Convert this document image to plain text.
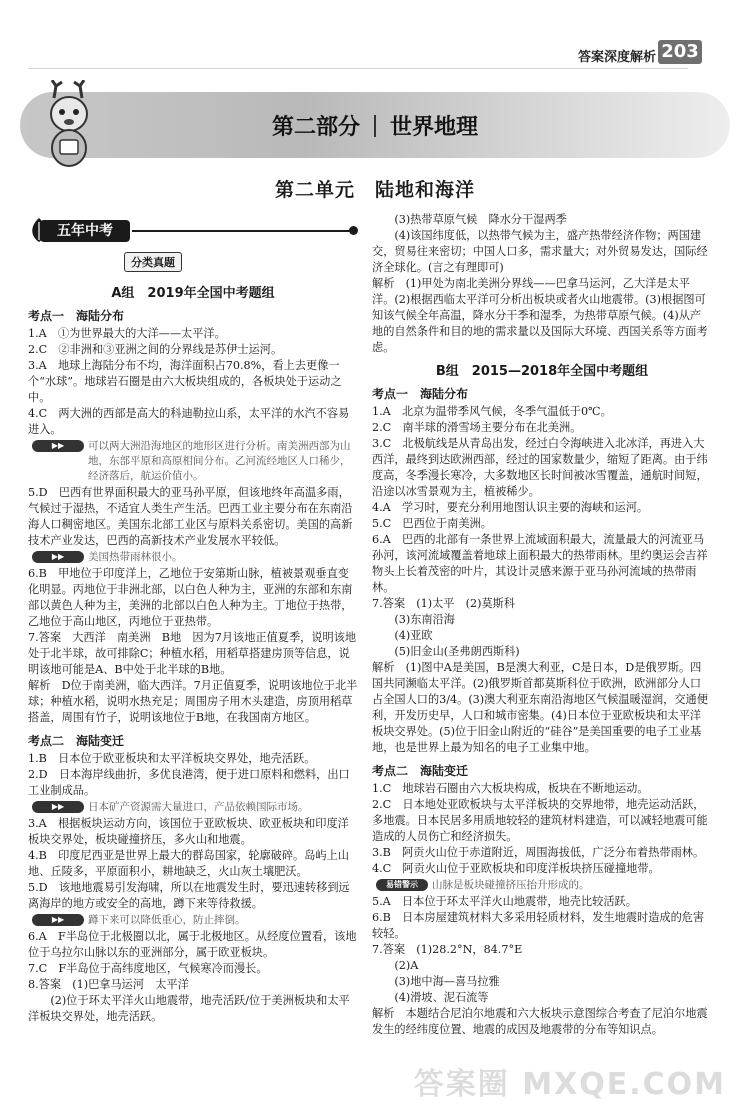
答案深度解析 203
第二部分 世界地理
第二单元　陆地和海洋
五年中考
分类真题
A组　2019年全国中考题组
考点一　海陆分布

1.A　①为世界最大的大洋——太平洋。

2.C　②非洲和③亚洲之间的分界线是苏伊士运河。

3.A　地球上海陆分布不均，海洋面积占70.8%，看上去更像一个“水球”。地球岩石圈是由六大板块组成的，各板块处于运动之中。

4.C　两大洲的西部是高大的科迪勒拉山系，太平洋的水汽不容易进入。

▶▶	可以两大洲沿海地区的地形区进行分析。南美洲西部为山地，东部平原和高原相间分布。乙河流经地区人口稀少，经济落后，航运价值小。

5.D　巴西有世界面积最大的亚马孙平原，但该地终年高温多雨，气候过于湿热，不适宜人类生产生活。巴西工业主要分布在东南沿海人口稠密地区。美国东北部工业区与原料关系密切。美国的高新技术产业发达，巴西的高新技术产业发展水平较低。

▶▶	美国热带雨林很小。

6.B　甲地位于印度洋上，乙地位于安第斯山脉，植被景观垂直变化明显。丙地位于非洲北部，以白色人种为主，亚洲的东部和东南部以黄色人种为主，美洲的北部以白色人种为主。丁地位于热带，乙地位于高山地区，丙地位于亚热带。

7.答案　大西洋　南美洲　B地　因为7月该地正值夏季，说明该地处于北半球，故可排除C；种植水稻，用稻草搭建房顶等信息，说明该地可能是A、B中处于北半球的B地。

解析　D位于南美洲，临大西洋。7月正值夏季，说明该地位于北半球；种植水稻，说明水热充足；周围房子用木头建造，房顶用稻草搭盖，周围有竹子，说明该地位于B地，在我国南方地区。

考点二　海陆变迁

1.B　日本位于欧亚板块和太平洋板块交界处，地壳活跃。

2.D　日本海岸线曲折，多优良港湾，便于进口原料和燃料，出口工业制成品。

▶▶	日本矿产资源需大量进口，产品依赖国际市场。

3.A　根据板块运动方向，该国位于亚欧板块、欧亚板块和印度洋板块交界处，板块碰撞挤压，多火山和地震。

4.B　印度尼西亚是世界上最大的群岛国家，轮廓破碎。岛屿上山地、丘陵多，平原面积小，耕地缺乏，火山灰土壤肥沃。

5.D　该地地震易引发海啸，所以在地震发生时，要迅速转移到远离海岸的地方或安全的高地，蹲下来等待救援。

▶▶	蹲下来可以降低重心，防止摔倒。

6.A　F半岛位于北极圈以北，属于北极地区。从经度位置看，该地位于乌拉尔山脉以东的亚洲部分，属于欧亚板块。

7.C　F半岛位于高纬度地区，气候寒冷而漫长。

8.答案　(1)巴拿马运河　太平洋

(2)位于环太平洋火山地震带，地壳活跃/位于美洲板块和太平洋板块交界处，地壳活跃。

(3)热带草原气候　降水分干湿两季

(4)该国纬度低，以热带气候为主，盛产热带经济作物；两国建交，贸易往来密切；中国人口多，需求量大；对外贸易发达，国际经济全球化。(言之有理即可)

解析　(1)甲处为南北美洲分界线——巴拿马运河，乙大洋是太平洋。(2)根据西临太平洋可分析出板块或者火山地震带。(3)根据图可知该气候全年高温，降水分干季和湿季，为热带草原气候。(4)从产地的自然条件和目的地的需求量以及国际大环境、西国关系等方面考虑。

B组　2015—2018年全国中考题组
考点一　海陆分布

1.A　北京为温带季风气候，冬季气温低于0℃。

2.C　南半球的滑雪场主要分布在北美洲。

3.C　北极航线是从青岛出发，经过白令海峡进入北冰洋，再进入大西洋，最终到达欧洲西部，经过的国家数量少，缩短了距离。由于纬度高，冬季漫长寒冷，大多数地区长时间被冰雪覆盖，通航时间短，沿途以冰雪景观为主，植被稀少。

4.A　学习时，要充分利用地图认识主要的海峡和运河。

5.C　巴西位于南美洲。

6.A　巴西的北部有一条世界上流域面积最大，流量最大的河流亚马孙河，该河流域覆盖着地球上面积最大的热带雨林。里约奥运会吉祥物头上长着茂密的叶片，其设计灵感来源于亚马孙河流域的热带雨林。

7.答案　(1)太平　(2)莫斯科

(3)东南沿海

(4)亚欧

(5)旧金山(圣弗朗西斯科)

解析　(1)图中A是美国，B是澳大利亚，C是日本，D是俄罗斯。四国共同濒临太平洋。(2)俄罗斯首都莫斯科位于欧洲，欧洲部分人口占全国人口的3/4。(3)澳大利亚东南沿海地区气候温暖湿润，交通便利，开发历史早，人口和城市密集。(4)日本位于亚欧板块和太平洋板块交界处。(5)位于旧金山附近的“硅谷”是美国重要的电子工业基地，也是世界上最为知名的电子工业集中地。

考点二　海陆变迁

1.C　地球岩石圈由六大板块构成，板块在不断地运动。

2.C　日本地处亚欧板块与太平洋板块的交界地带，地壳运动活跃，多地震。日本民居多用质地较轻的建筑材料建造，可以减轻地震可能造成的人员伤亡和经济损失。

3.B　阿贡火山位于赤道附近，周围海拔低，广泛分布着热带雨林。

4.C　阿贡火山位于亚欧板块和印度洋板块挤压碰撞地带。

易错警示	山脉是板块碰撞挤压抬升形成的。

5.A　日本位于环太平洋火山地震带，地壳比较活跃。

6.B　日本房屋建筑材料大多采用轻质材料，发生地震时造成的危害较轻。

7.答案　(1)28.2°N，84.7°E

(2)A

(3)地中海—喜马拉雅

(4)滑坡、泥石流等

解析　本题结合尼泊尔地震和六大板块示意图综合考查了尼泊尔地震发生的经纬度位置、地震的成因及地震带的分布等知识点。

答案圈 MXQE.COM
